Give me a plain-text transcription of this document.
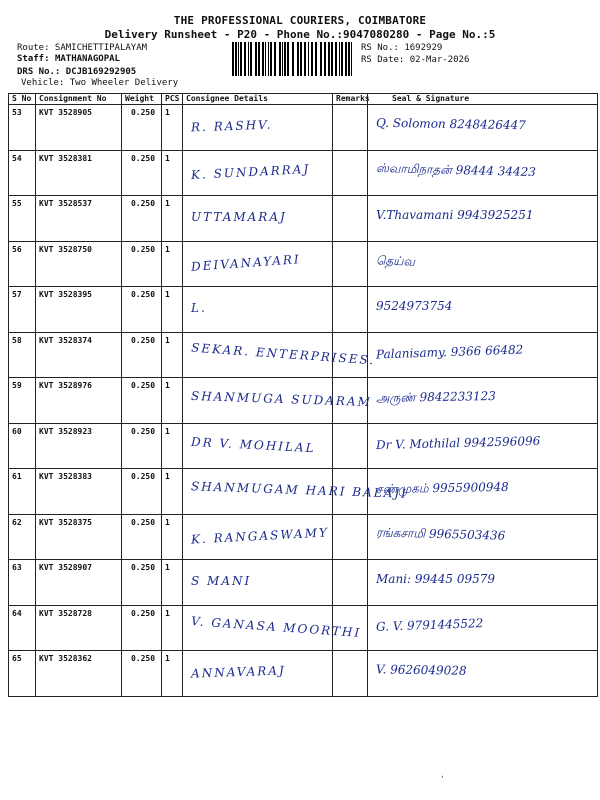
THE PROFESSIONAL COURIERS, COIMBATORE
Delivery Runsheet - P20 - Phone No.:9047080280 - Page No.:5
Route: SAMICHETTIPALAYAM
Staff: MATHANAGOPAL
DRS No.: DCJB169292905
Vehicle: Two Wheeler Delivery
RS No.: 1692929
RS Date: 02-Mar-2026
S No	Consignment No	Weight	PCS	Consignee Details	Remarks	Seal & Signature
53	KVT 3528905	0.250	1	R. RASHV.		Q. Solomon 8248426447

54	KVT 3528381	0.250	1	K. SUNDARRAJ		ஸ்வாமிநாதன் 98444 34423

55	KVT 3528537	0.250	1	UTTAMARAJ		V.Thavamani 9943925251

56	KVT 3528750	0.250	1	DEIVANAYARI		தெய்வ

57	KVT 3528395	0.250	1	L.		9524973754

58	KVT 3528374	0.250	1	SEKAR. ENTERPRISES.		Palanisamy. 9366 66482

59	KVT 3528976	0.250	1	SHANMUGA SUDARAM		அருண் 9842233123

60	KVT 3528923	0.250	1	DR V. MOHILAL		Dr V. Mothilal 9942596096

61	KVT 3528383	0.250	1	SHANMUGAM HARI BALAJI		சண்முகம் 9955900948

62	KVT 3528375	0.250	1	K. RANGASWAMY		ரங்கசாமி 9965503436

63	KVT 3528907	0.250	1	S MANI		Mani: 99445 09579

64	KVT 3528728	0.250	1	V. GANASA MOORTHI		G. V. 9791445522

65	KVT 3528362	0.250	1	ANNAVARAJ		V. 9626049028
,
